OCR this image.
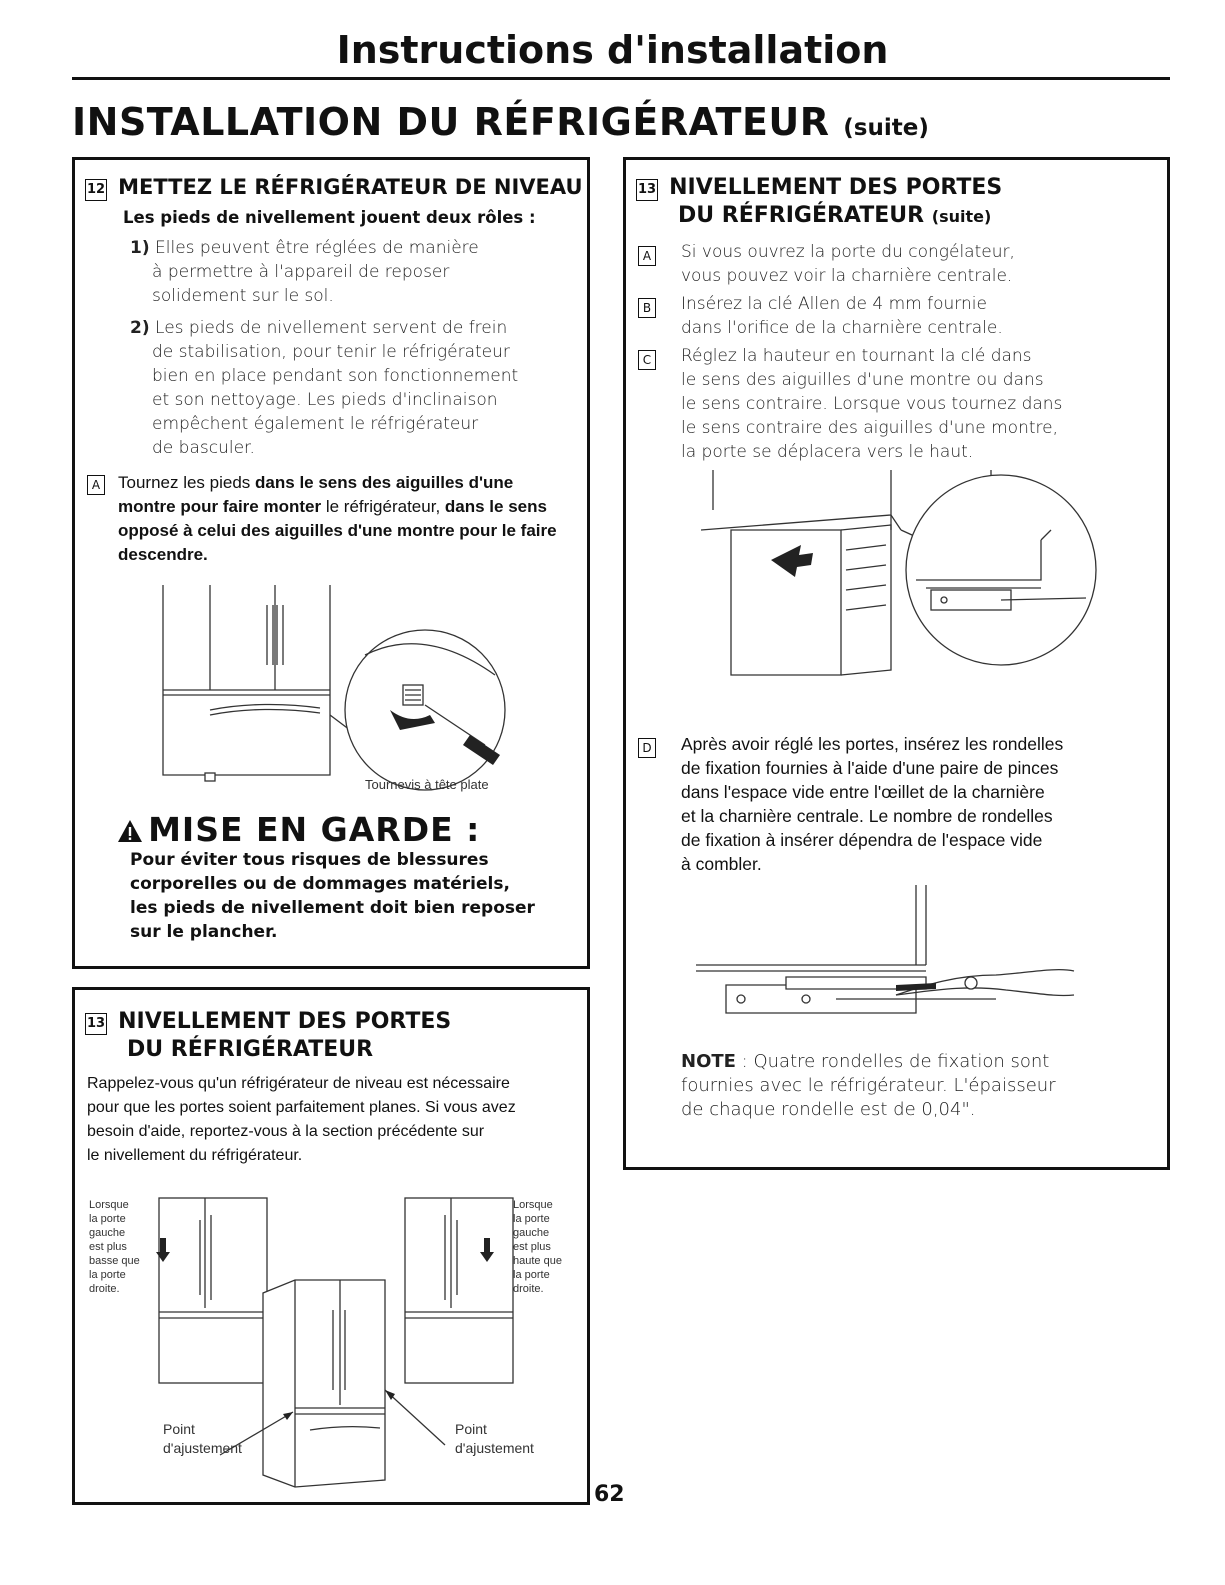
Instructions d'installation
INSTALLATION DU RÉFRIGÉRATEUR (suite)
12 METTEZ LE RÉFRIGÉRATEUR DE NIVEAU
Les pieds de nivellement jouent deux rôles :
1) Elles peuvent être réglées de manière
à permettre à l'appareil de reposer
solidement sur le sol.
2) Les pieds de nivellement servent de frein
de stabilisation, pour tenir le réfrigérateur
bien en place pendant son fonctionnement
et son nettoyage. Les pieds d'inclinaison
empêchent également le réfrigérateur
de basculer.
A Tournez les pieds dans le sens des aiguilles d'une montre pour faire monter le réfrigérateur, dans le sens opposé à celui des aiguilles d'une montre pour le faire descendre.
Tournevis à tête plate
MISE EN GARDE :
Pour éviter tous risques de blessures
corporelles ou de dommages matériels,
les pieds de nivellement doit bien reposer
sur le plancher.
13 NIVELLEMENT DES PORTES
DU RÉFRIGÉRATEUR
Rappelez-vous qu'un réfrigérateur de niveau est nécessaire
pour que les portes soient parfaitement planes. Si vous avez
besoin d'aide, reportez-vous à la section précédente sur
le nivellement du réfrigérateur.
Lorsque
la porte
gauche
est plus
basse que
la porte
droite.
Lorsque
la porte
gauche
est plus
haute que
la porte
droite.
Point
d'ajustement
Point
d'ajustement
13 NIVELLEMENT DES PORTES
DU RÉFRIGÉRATEUR (suite)
A Si vous ouvrez la porte du congélateur,
vous pouvez voir la charnière centrale.
B Insérez la clé Allen de 4 mm fournie
dans l'orifice de la charnière centrale.
C Réglez la hauteur en tournant la clé dans
le sens des aiguilles d'une montre ou dans
le sens contraire. Lorsque vous tournez dans
le sens contraire des aiguilles d'une montre,
la porte se déplacera vers le haut.
D Après avoir réglé les portes, insérez les rondelles
de fixation fournies à l'aide d'une paire de pinces
dans l'espace vide entre l'œillet de la charnière
et la charnière centrale. Le nombre de rondelles
de fixation à insérer dépendra de l'espace vide
à combler.
NOTE : Quatre rondelles de fixation sont
fournies avec le réfrigérateur. L'épaisseur
de chaque rondelle est de 0,04".
62
